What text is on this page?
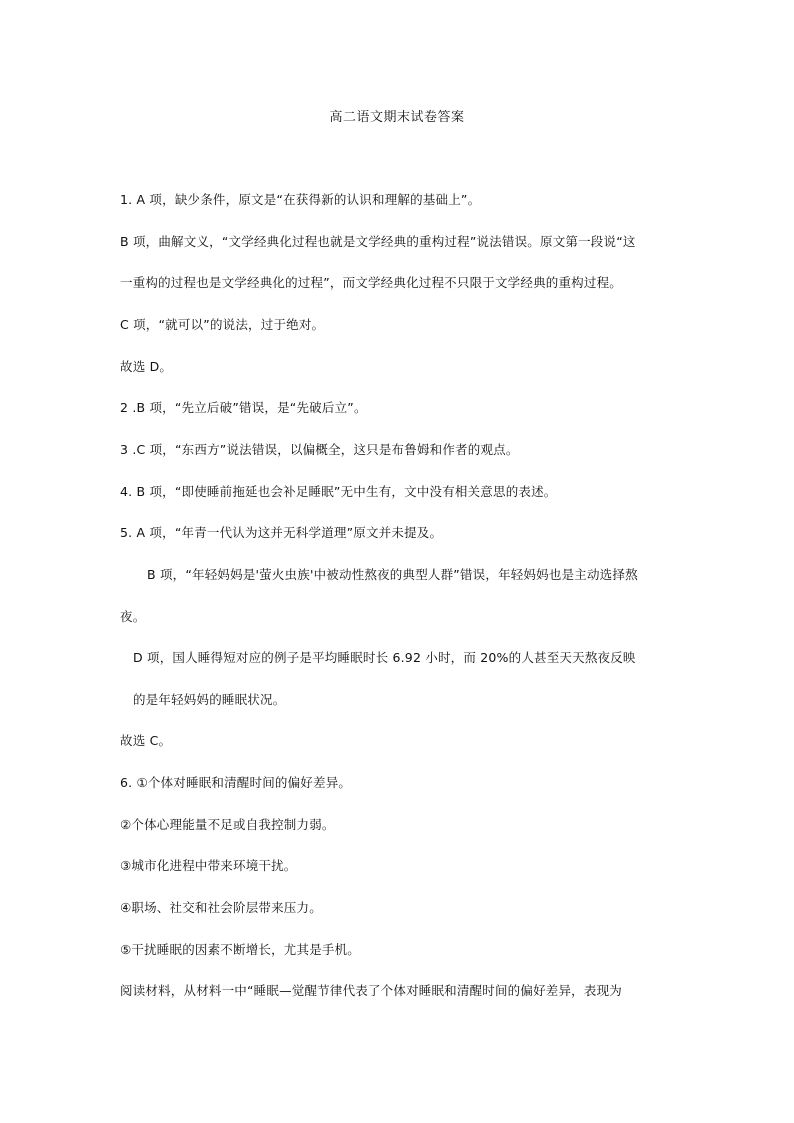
高二语文期末试卷答案
1. A 项，缺少条件，原文是“在获得新的认识和理解的基础上”。
B 项，曲解文义，“文学经典化过程也就是文学经典的重构过程”说法错误。原文第一段说“这
一重构的过程也是文学经典化的过程”，而文学经典化过程不只限于文学经典的重构过程。
C 项，“就可以”的说法，过于绝对。
故选 D。
2 .B 项，“先立后破”错误，是“先破后立”。
3 .C 项，“东西方”说法错误，以偏概全，这只是布鲁姆和作者的观点。
4. B 项，“即使睡前拖延也会补足睡眠”无中生有，文中没有相关意思的表述。
5. A 项，“年青一代认为这并无科学道理”原文并未提及。
B 项，“年轻妈妈是'萤火虫族'中被动性熬夜的典型人群”错误，年轻妈妈也是主动选择熬
夜。
D 项，国人睡得短对应的例子是平均睡眠时长 6.92 小时，而 20%的人甚至天天熬夜反映
的是年轻妈妈的睡眠状况。
故选 C。
6. ①个体对睡眠和清醒时间的偏好差异。
②个体心理能量不足或自我控制力弱。
③城市化进程中带来环境干扰。
④职场、社交和社会阶层带来压力。
⑤干扰睡眠的因素不断增长，尤其是手机。
阅读材料，从材料一中“睡眠—觉醒节律代表了个体对睡眠和清醒时间的偏好差异，表现为
